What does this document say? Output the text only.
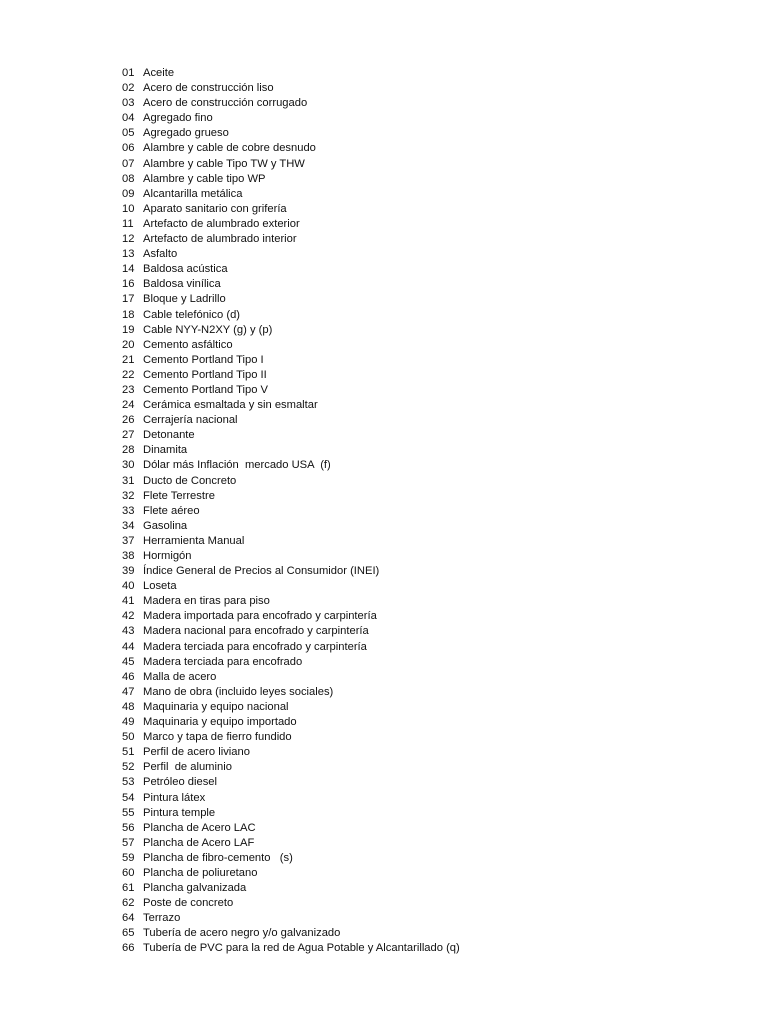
01 Aceite
02 Acero de construcción liso
03 Acero de construcción corrugado
04 Agregado fino
05 Agregado grueso
06 Alambre y cable de cobre desnudo
07 Alambre y cable Tipo TW y THW
08 Alambre y cable tipo WP
09 Alcantarilla metálica
10 Aparato sanitario con grifería
11 Artefacto de alumbrado exterior
12 Artefacto de alumbrado interior
13 Asfalto
14 Baldosa acústica
16 Baldosa vinílica
17 Bloque y Ladrillo
18 Cable telefónico (d)
19 Cable NYY-N2XY (g) y (p)
20 Cemento asfáltico
21 Cemento Portland Tipo I
22 Cemento Portland Tipo II
23 Cemento Portland Tipo V
24 Cerámica esmaltada y sin esmaltar
26 Cerrajería nacional
27 Detonante
28 Dinamita
30 Dólar más Inflación  mercado USA  (f)
31 Ducto de Concreto
32 Flete Terrestre
33 Flete aéreo
34 Gasolina
37 Herramienta Manual
38 Hormigón
39 Índice General de Precios al Consumidor (INEI)
40 Loseta
41 Madera en tiras para piso
42 Madera importada para encofrado y carpintería
43 Madera nacional para encofrado y carpintería
44 Madera terciada para encofrado y carpintería
45 Madera terciada para encofrado
46 Malla de acero
47 Mano de obra (incluido leyes sociales)
48 Maquinaria y equipo nacional
49 Maquinaria y equipo importado
50 Marco y tapa de fierro fundido
51 Perfil de acero liviano
52 Perfil  de aluminio
53 Petróleo diesel
54 Pintura látex
55 Pintura temple
56 Plancha de Acero LAC
57 Plancha de Acero LAF
59 Plancha de fibro-cemento   (s)
60 Plancha de poliuretano
61 Plancha galvanizada
62 Poste de concreto
64 Terrazo
65 Tubería de acero negro y/o galvanizado
66 Tubería de PVC para la red de Agua Potable y Alcantarillado (q)
